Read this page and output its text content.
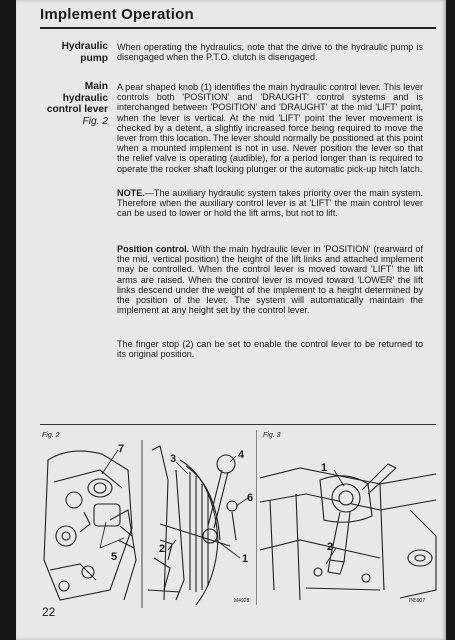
Implement Operation
Hydraulic
pump

When operating the hydraulics, note that the drive to the hydraulic pump is disengaged when the P.T.O. clutch is disengaged.

Main
hydraulic
control lever
Fig. 2

A pear shaped knob (1) identifies the main hydraulic control lever. This lever controls both 'POSITION' and 'DRAUGHT' control systems and is interchanged between 'POSITION' and 'DRAUGHT' at the mid 'LIFT' point, when the lever is vertical. At the mid 'LIFT' point the lever movement is checked by a detent, a slightly increased force being required to move the lever from this location. The lever should normally be positioned at this point when a mounted implement is not in use. Never position the lever so that the relief valve is operating (audible), for a period longer than is required to operate the rocker shaft locking plunger or the automatic pick-up hitch latch.

NOTE.—The auxiliary hydraulic system takes priority over the main system. Therefore when the auxiliary control lever is at 'LIFT' the main control lever can be used to lower or hold the lift arms, but not to lift.

Position control. With the main hydraulic lever in 'POSITION' (rearward of the mid, vertical position) the height of the lift links and attached implement may be controlled. When the control lever is moved toward 'LIFT' the lift arms are raised. When the control lever is moved toward 'LOWER' the lift links descend under the weight of the implement to a height determined by the position of the lever. The system will automatically maintain the implement at any height set by the control lever.

The finger stop (2) can be set to enable the control lever to be returned to its original position.

Fig. 2	Fig. 3
7
3	4
6
2
5	1
M4928
1
2
IN5907
22
